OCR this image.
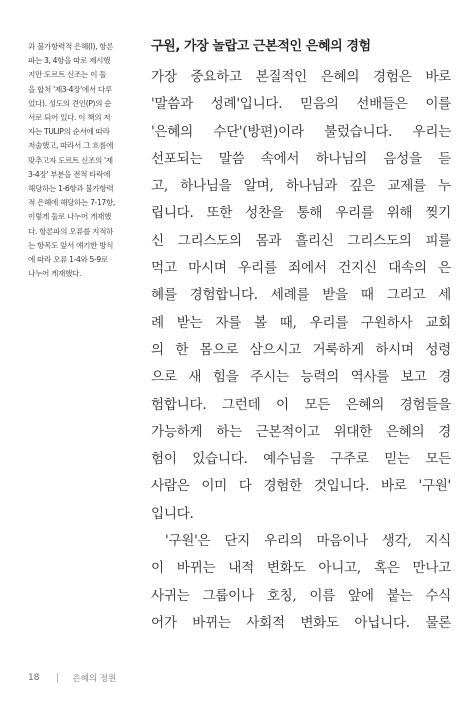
과 불가항력적 은혜(I), 항론
파는 3, 4항을 따로 제시했
지만 도르트 신조는 이 둘
을 합쳐 '제3-4장'에서 다루
었다). 성도의 견인(P)의 순
서로 되어 있다. 이 책의 저
자는 TULIP의 순서에 따라
저술했고, 따라서 그 흐름에
맞추고자 도르트 신조의 '제
3-4장' 부분을 전적 타락에
해당하는 1-6항과 불가항력
적 은혜에 해당하는 7-17항,
이렇게 둘로 나누어 게재했
다. 항론파의 오류를 지적하
는 항목도 앞서 얘기한 방식
에 따라 오류 1-4와 5-9로
나누어 게재했다.
구원, 가장 놀랍고 근본적인 은혜의 경험
가장 중요하고 본질적인 은혜의 경험은 바로
'말씀과 성례'입니다. 믿음의 선배들은 이를
'은혜의 수단'(방편)이라 불렀습니다. 우리는
선포되는 말씀 속에서 하나님의 음성을 듣
고, 하나님을 알며, 하나님과 깊은 교제를 누
립니다. 또한 성찬을 통해 우리를 위해 찢기
신 그리스도의 몸과 흘리신 그리스도의 피를
먹고 마시며 우리를 죄에서 건지신 대속의 은
혜를 경험합니다. 세례를 받을 때 그리고 세
례 받는 자를 볼 때, 우리를 구원하사 교회
의 한 몸으로 삼으시고 거룩하게 하시며 성령
으로 새 힘을 주시는 능력의 역사를 보고 경
험합니다. 그런데 이 모든 은혜의 경험들을
가능하게 하는 근본적이고 위대한 은혜의 경
험이 있습니다. 예수님을 구주로 믿는 모든
사람은 이미 다 경험한 것입니다. 바로 '구원'
입니다.
'구원'은 단지 우리의 마음이나 생각, 지식
이 바뀌는 내적 변화도 아니고, 혹은 만나고
사귀는 그룹이나 호칭, 이름 앞에 붙는 수식
어가 바뀌는 사회적 변화도 아닙니다. 물론
18	은혜의 정원
